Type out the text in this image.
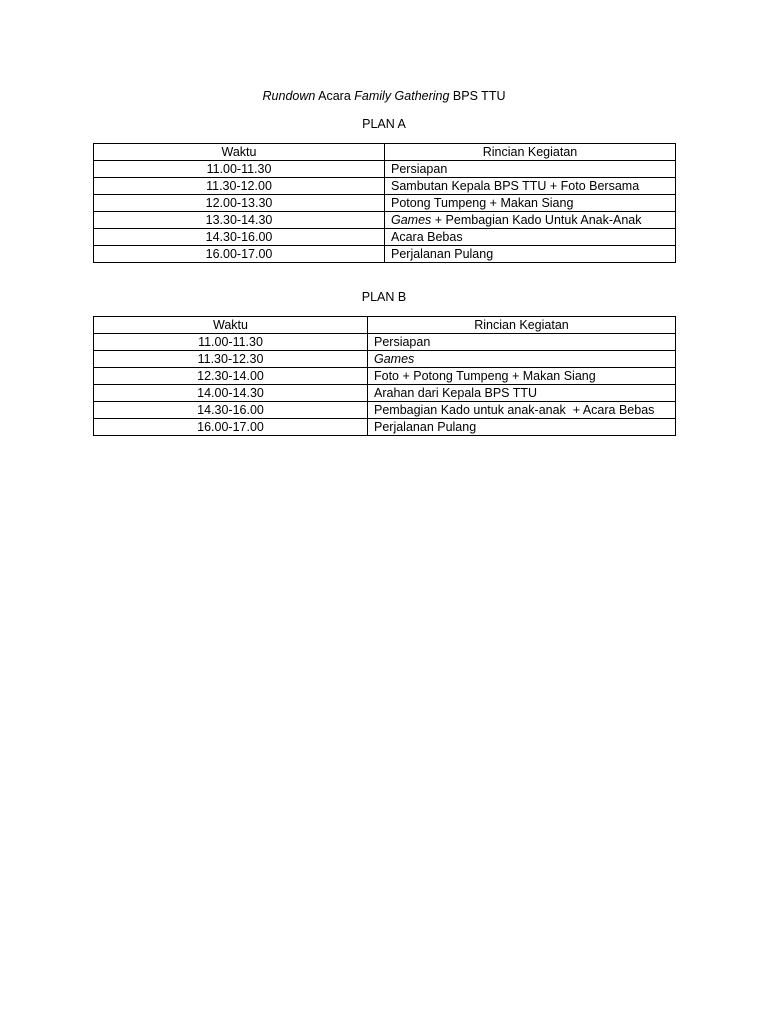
Rundown Acara Family Gathering BPS TTU
PLAN A
Waktu	Rincian Kegiatan
11.00-11.30	Persiapan
11.30-12.00	Sambutan Kepala BPS TTU + Foto Bersama
12.00-13.30	Potong Tumpeng + Makan Siang
13.30-14.30	Games + Pembagian Kado Untuk Anak-Anak
14.30-16.00	Acara Bebas
16.00-17.00	Perjalanan Pulang
PLAN B
Waktu	Rincian Kegiatan
11.00-11.30	Persiapan
11.30-12.30	Games
12.30-14.00	Foto + Potong Tumpeng + Makan Siang
14.00-14.30	Arahan dari Kepala BPS TTU
14.30-16.00	Pembagian Kado untuk anak-anak  + Acara Bebas
16.00-17.00	Perjalanan Pulang
